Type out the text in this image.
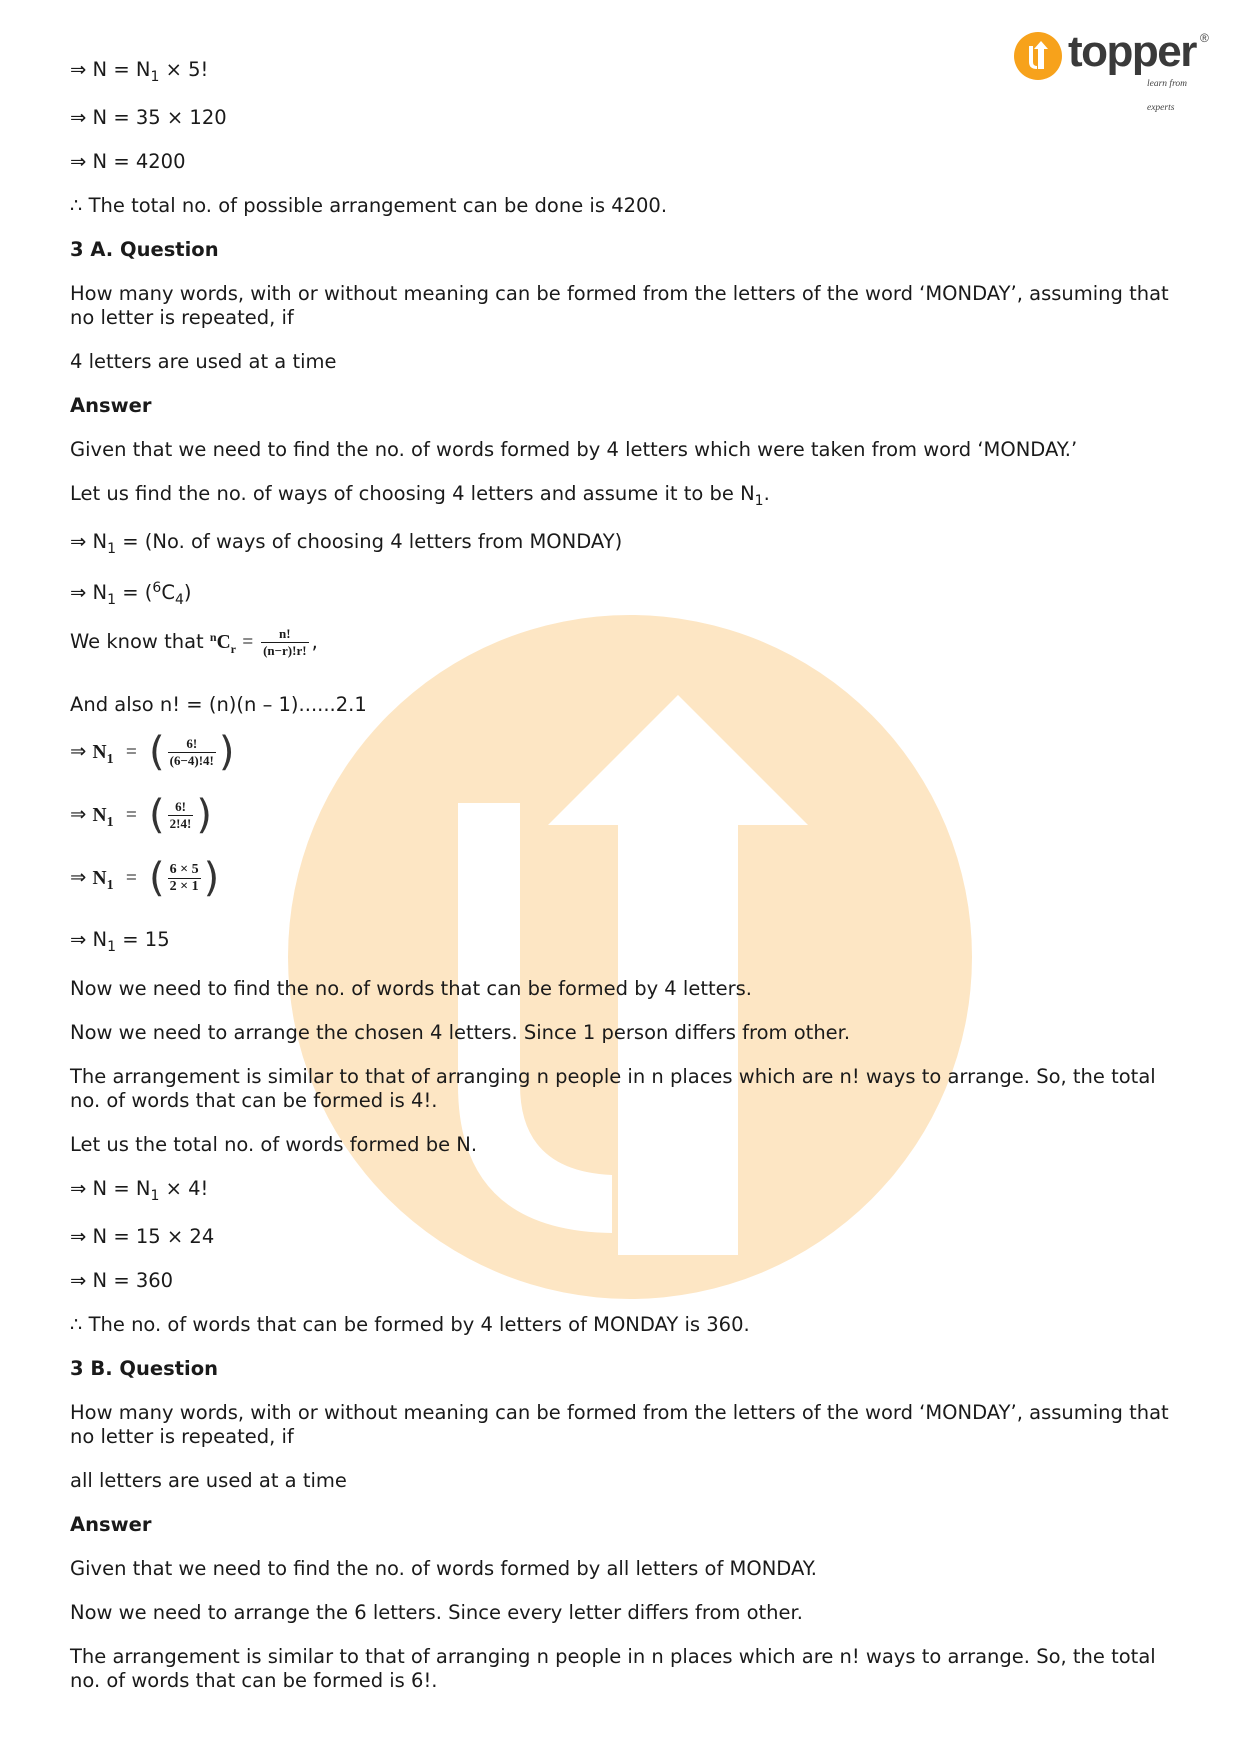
topper
learn from experts
®
⇒ $N = N_1 \times 5$!
⇒ N = 35 × 120
⇒ N = 4200
∴ The total no. of possible arrangement can be done is 4200.
3 A. Question
How many words, with or without meaning can be formed from the letters of the word ‘MONDAY’, assuming that no letter is repeated, if
4 letters are used at a time
Answer
Given that we need to find the no. of words formed by 4 letters which were taken from word ‘MONDAY.’
Let us find the no. of ways of choosing 4 letters and assume it to be $N_1$.
⇒ $N_1 = (No$. of ways of choosing 4 letters from MONDAY)
⇒ $N_1 = (^6C_4)$
We know that $^nC_r = \frac{n!}{(n-r)!r!}$ ,
And also n! = (n)(n – 1)......2.1
⇒ $N_1$ = ( $\frac{6!}{(6-4)!4!}$ )
⇒ $N_1$ = ( $\frac{6!}{2!4!}$ )
⇒ $N_1$ = ( $\frac{6 \times 5}{2 \times 1}$ )
⇒ $N_1 = 15$
Now we need to find the no. of words that can be formed by 4 letters.
Now we need to arrange the chosen 4 letters. Since 1 person differs from other.
The arrangement is similar to that of arranging n people in n places which are n! ways to arrange. So, the total no. of words that can be formed is 4!.
Let us the total no. of words formed be N.
⇒ $N = N_1 \times 4$!
⇒ N = 15 × 24
⇒ N = 360
∴ The no. of words that can be formed by 4 letters of MONDAY is 360.
3 B. Question
How many words, with or without meaning can be formed from the letters of the word ‘MONDAY’, assuming that no letter is repeated, if
all letters are used at a time
Answer
Given that we need to find the no. of words formed by all letters of MONDAY.
Now we need to arrange the 6 letters. Since every letter differs from other.
The arrangement is similar to that of arranging n people in n places which are n! ways to arrange. So, the total no. of words that can be formed is 6!.
